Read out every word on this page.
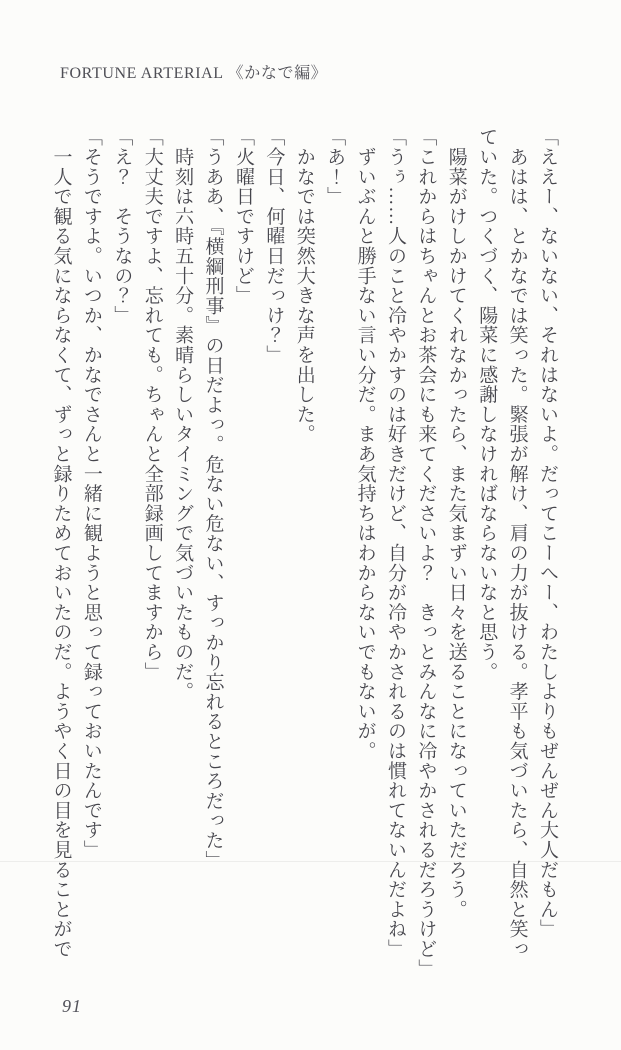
FORTUNE ARTERIAL 《かなで編》

「ええー、ないない、それはないよ。だってこーへー、わたしよりもぜんぜん大人だもん」

　あはは、とかなでは笑った。緊張が解け、肩の力が抜ける。孝平も気づいたら、自然と笑っ

ていた。つくづく、陽菜に感謝しなければならないなと思う。

　陽菜がけしかけてくれなかったら、また気まずい日々を送ることになっていただろう。

「これからはちゃんとお茶会にも来てくださいよ？　きっとみんなに冷やかされるだろうけど」

「うぅ……人のこと冷やかすのは好きだけど、自分が冷やかされるのは慣れてないんだよね」

　ずいぶんと勝手ない言い分だ。まあ気持ちはわからないでもないが。

「あ！」

　かなでは突然大きな声を出した。

「今日、何曜日だっけ？」

「火曜日ですけど」

「うああ、『横綱刑事』の日だよっ。危ない危ない、すっかり忘れるところだった」

　時刻は六時五十分。素晴らしいタイミングで気づいたものだ。

「大丈夫ですよ、忘れても。ちゃんと全部録画してますから」

「え？　そうなの？」

「そうですよ。いつか、かなでさんと一緒に観ようと思って録っておいたんです」

　一人で観る気にならなくて、ずっと録りためておいたのだ。ようやく日の目を見ることがで

91
